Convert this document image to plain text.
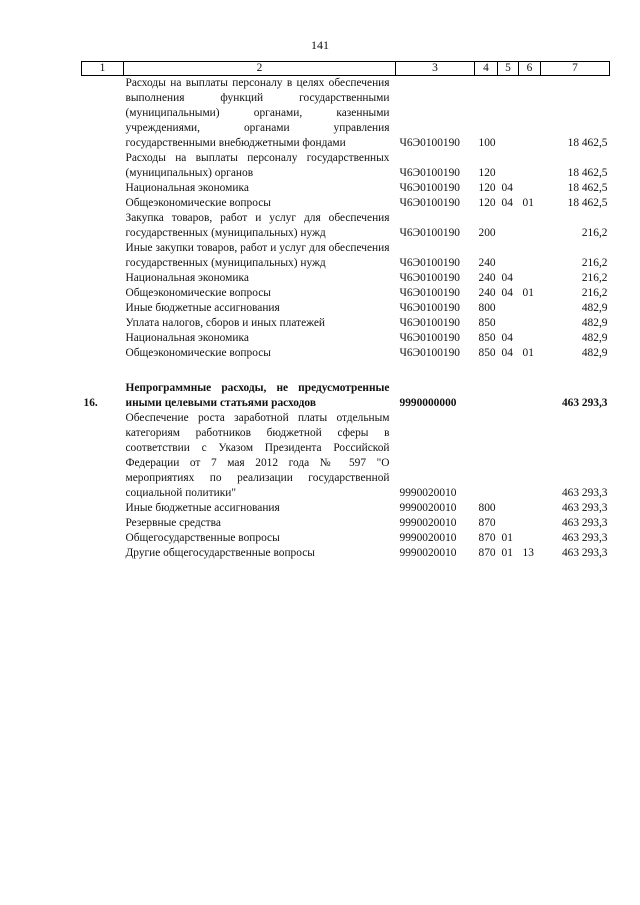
141
1	2	3	4	5	6	7
	Расходы на выплаты персоналу в целях обеспечения выполнения функций государственными (муниципальными) органами, казенными учреждениями, органами управления государственными внебюджетными фондами	Ч6Э0100190	100			18 462,5
	Расходы на выплаты персоналу государственных (муниципальных) органов	Ч6Э0100190	120			18 462,5
	Национальная экономика	Ч6Э0100190	120	04		18 462,5
	Общеэкономические вопросы	Ч6Э0100190	120	04	01	18 462,5
	Закупка товаров, работ и услуг для обеспечения государственных (муниципальных) нужд	Ч6Э0100190	200			216,2
	Иные закупки товаров, работ и услуг для обеспечения государственных (муниципальных) нужд	Ч6Э0100190	240			216,2
	Национальная экономика	Ч6Э0100190	240	04		216,2
	Общеэкономические вопросы	Ч6Э0100190	240	04	01	216,2
	Иные бюджетные ассигнования	Ч6Э0100190	800			482,9
	Уплата налогов, сборов и иных платежей	Ч6Э0100190	850			482,9
	Национальная экономика	Ч6Э0100190	850	04		482,9
	Общеэкономические вопросы	Ч6Э0100190	850	04	01	482,9

16.	Непрограммные расходы, не предусмотренные иными целевыми статьями расходов	9990000000				463 293,3
	Обеспечение роста заработной платы отдельным категориям работников бюджетной сферы в соответствии с Указом Президента Российской Федерации от 7 мая 2012 года № 597 "О мероприятиях по реализации государственной социальной политики"	9990020010				463 293,3
	Иные бюджетные ассигнования	9990020010	800			463 293,3
	Резервные средства	9990020010	870			463 293,3
	Общегосударственные вопросы	9990020010	870	01		463 293,3
	Другие общегосударственные вопросы	9990020010	870	01	13	463 293,3
